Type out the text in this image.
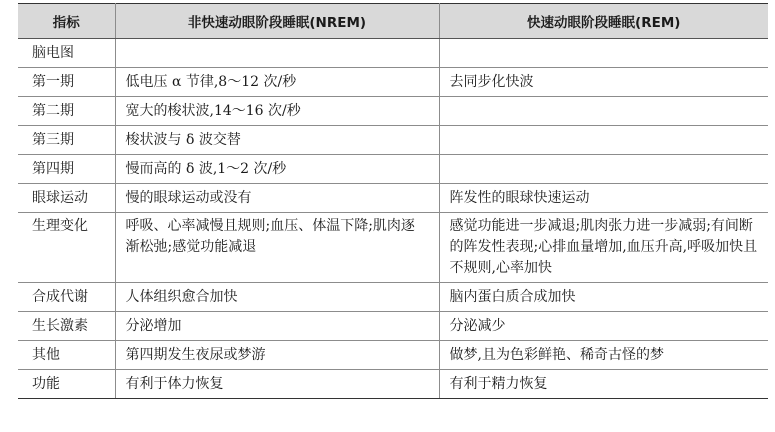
指标	非快速动眼阶段睡眠(NREM)	快速动眼阶段睡眠(REM)
脑电图		
第一期	低电压 α 节律,8～12 次/秒	去同步化快波
第二期	宽大的梭状波,14～16 次/秒	
第三期	梭状波与 δ 波交替	
第四期	慢而高的 δ 波,1～2 次/秒	
眼球运动	慢的眼球运动或没有	阵发性的眼球快速运动
生理变化	呼吸、心率减慢且规则;血压、体温下降;肌肉逐渐松弛;感觉功能减退	感觉功能进一步减退;肌肉张力进一步减弱;有间断的阵发性表现;心排血量增加,血压升高,呼吸加快且不规则,心率加快
合成代谢	人体组织愈合加快	脑内蛋白质合成加快
生长激素	分泌增加	分泌减少
其他	第四期发生夜尿或梦游	做梦,且为色彩鲜艳、稀奇古怪的梦
功能	有利于体力恢复	有利于精力恢复
